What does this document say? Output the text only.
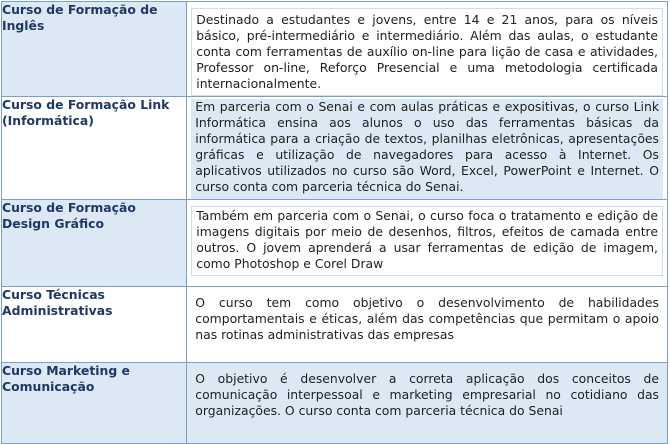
Curso de Formação de Inglês	Destinado a estudantes e jovens, entre 14 e 21 anos, para os níveis básico, pré-intermediário e intermediário. Além das aulas, o estudante conta com ferramentas de auxílio on-line para lição de casa e atividades, Professor on-line, Reforço Presencial e uma metodologia certificada internacionalmente.

Curso de Formação Link (Informática)	Em parceria com o Senai e com aulas práticas e expositivas, o curso Link Informática ensina aos alunos o uso das ferramentas básicas da informática para a criação de textos, planilhas eletrônicas, apresentações gráficas e utilização de navegadores para acesso à Internet. Os aplicativos utilizados no curso são Word, Excel, PowerPoint e Internet. O curso conta com parceria técnica do Senai.

Curso de Formação Design Gráfico	Também em parceria com o Senai, o curso foca o tratamento e edição de imagens digitais por meio de desenhos, filtros, efeitos de camada entre outros. O jovem aprenderá a usar ferramentas de edição de imagem, como Photoshop e Corel Draw

Curso Técnicas Administrativas	O curso tem como objetivo o desenvolvimento de habilidades comportamentais e éticas, além das competências que permitam o apoio nas rotinas administrativas das empresas
Curso Marketing e Comunicação	O objetivo é desenvolver a correta aplicação dos conceitos de comunicação interpessoal e marketing empresarial no cotidiano das organizações. O curso conta com parceria técnica do Senai
